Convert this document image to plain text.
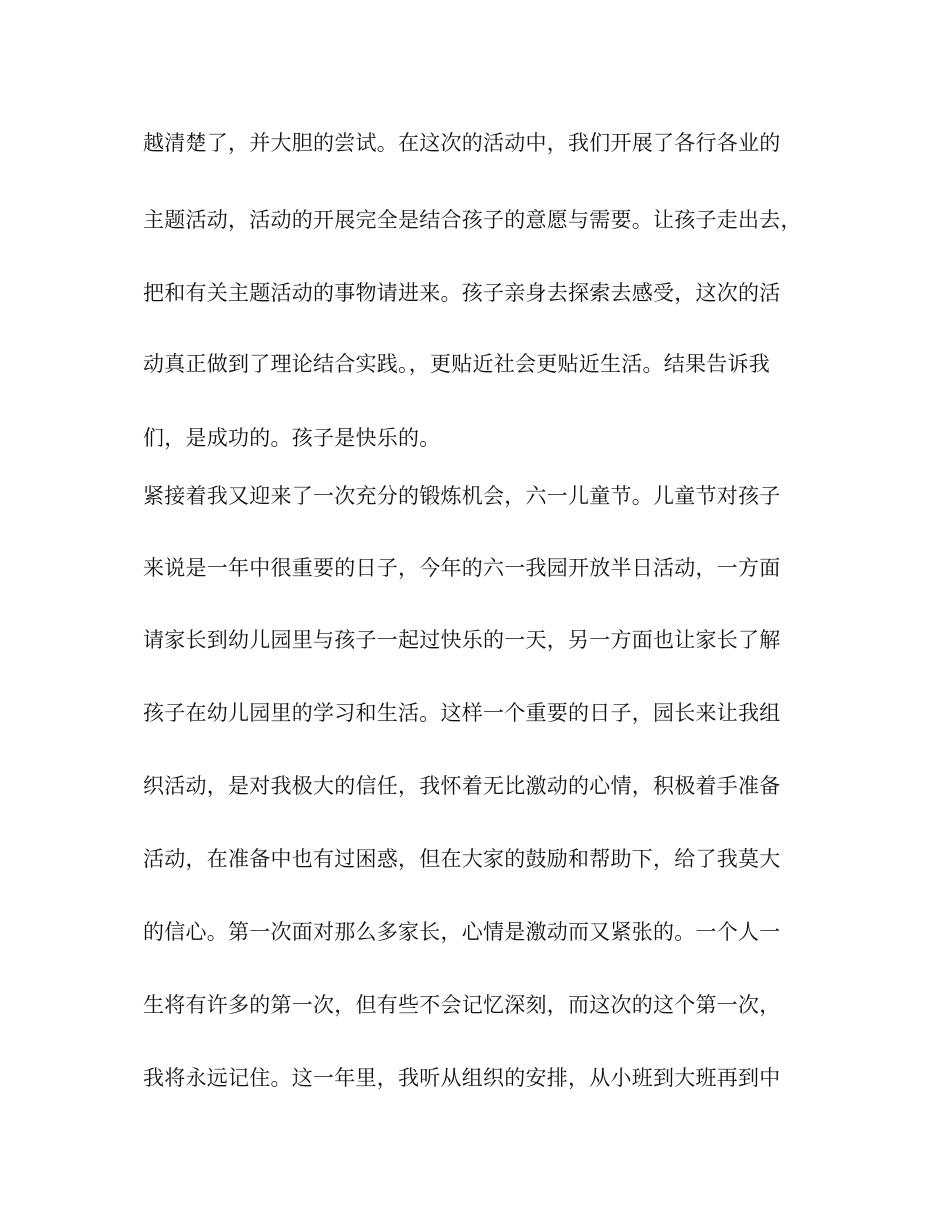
越清楚了，并大胆的尝试。在这次的活动中，我们开展了各行各业的
主题活动，活动的开展完全是结合孩子的意愿与需要。让孩子走出去，
把和有关主题活动的事物请进来。孩子亲身去探索去感受，这次的活
动真正做到了理论结合实践。，更贴近社会更贴近生活。结果告诉我
们，是成功的。孩子是快乐的。
紧接着我又迎来了一次充分的锻炼机会，六一儿童节。儿童节对孩子
来说是一年中很重要的日子，今年的六一我园开放半日活动，一方面
请家长到幼儿园里与孩子一起过快乐的一天，另一方面也让家长了解
孩子在幼儿园里的学习和生活。这样一个重要的日子，园长来让我组
织活动，是对我极大的信任，我怀着无比激动的心情，积极着手准备
活动，在准备中也有过困惑，但在大家的鼓励和帮助下，给了我莫大
的信心。第一次面对那么多家长，心情是激动而又紧张的。一个人一
生将有许多的第一次，但有些不会记忆深刻，而这次的这个第一次，
我将永远记住。这一年里，我听从组织的安排，从小班到大班再到中
